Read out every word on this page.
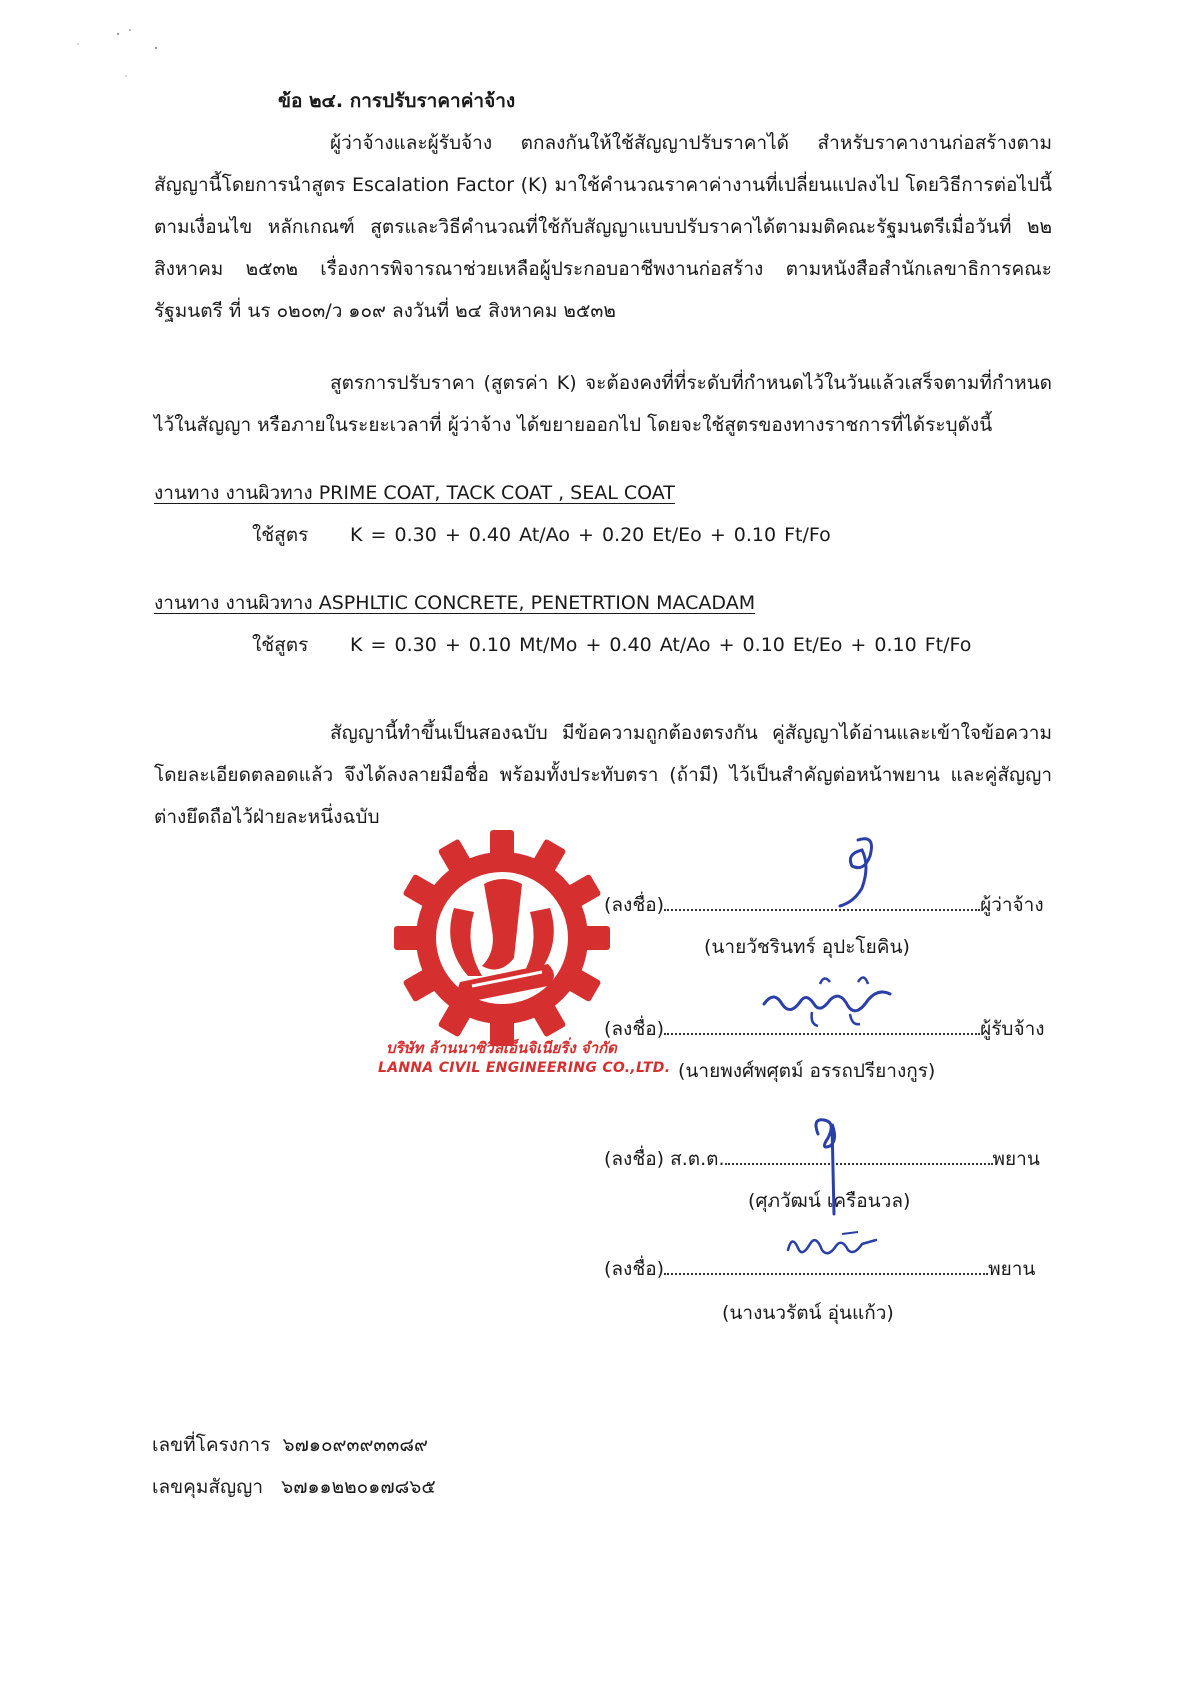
ข้อ ๒๔. การปรับราคาค่าจ้าง
ผู้ว่าจ้างและผู้รับจ้าง ตกลงกันให้ใช้สัญญาปรับราคาได้ สำหรับราคางานก่อสร้างตามสัญญานี้โดยการนำสูตร Escalation Factor (K) มาใช้คำนวณราคาค่างานที่เปลี่ยนแปลงไป โดยวิธีการต่อไปนี้ ตามเงื่อนไข หลักเกณฑ์ สูตรและวิธีคำนวณที่ใช้กับสัญญาแบบปรับราคาได้ตามมติคณะรัฐมนตรีเมื่อวันที่ ๒๒ สิงหาคม ๒๕๓๒ เรื่องการพิจารณาช่วยเหลือผู้ประกอบอาชีพงานก่อสร้าง ตามหนังสือสำนักเลขาธิการคณะรัฐมนตรี ที่ นร ๐๒๐๓/ว ๑๐๙ ลงวันที่ ๒๔ สิงหาคม ๒๕๓๒
สูตรการปรับราคา (สูตรค่า K) จะต้องคงที่ที่ระดับที่กำหนดไว้ในวันแล้วเสร็จตามที่กำหนดไว้ในสัญญา หรือภายในระยะเวลาที่ ผู้ว่าจ้าง ได้ขยายออกไป โดยจะใช้สูตรของทางราชการที่ได้ระบุดังนี้
งานทาง งานผิวทาง PRIME COAT, TACK COAT , SEAL COAT
ใช้สูตร K = 0.30 + 0.40 At/Ao + 0.20 Et/Eo + 0.10 Ft/Fo
งานทาง งานผิวทาง ASPHLTIC CONCRETE, PENETRTION MACADAM
ใช้สูตร K = 0.30 + 0.10 Mt/Mo + 0.40 At/Ao + 0.10 Et/Eo + 0.10 Ft/Fo
สัญญานี้ทำขึ้นเป็นสองฉบับ มีข้อความถูกต้องตรงกัน คู่สัญญาได้อ่านและเข้าใจข้อความโดยละเอียดตลอดแล้ว จึงได้ลงลายมือชื่อ พร้อมทั้งประทับตรา (ถ้ามี) ไว้เป็นสำคัญต่อหน้าพยาน และคู่สัญญาต่างยึดถือไว้ฝ่ายละหนึ่งฉบับ
บริษัท ล้านนาซิวิลเอ็นจิเนียริ่ง จำกัด
LANNA CIVIL ENGINEERING CO.,LTD.
(ลงชื่อ)	ผู้ว่าจ้าง
(นายวัชรินทร์ อุปะโยคิน)
(ลงชื่อ)	ผู้รับจ้าง
(นายพงศ์พศุตม์ อรรถปรียางกูร)
(ลงชื่อ) ส.ต.ต.	พยาน
(ศุภวัฒน์ เครือนวล)
(ลงชื่อ)	พยาน
(นางนวรัตน์ อุ่นแก้ว)
เลขที่โครงการ ๖๗๑๐๙๓๙๓๓๘๙
เลขคุมสัญญา ๖๗๑๑๒๒๐๑๗๘๖๕
